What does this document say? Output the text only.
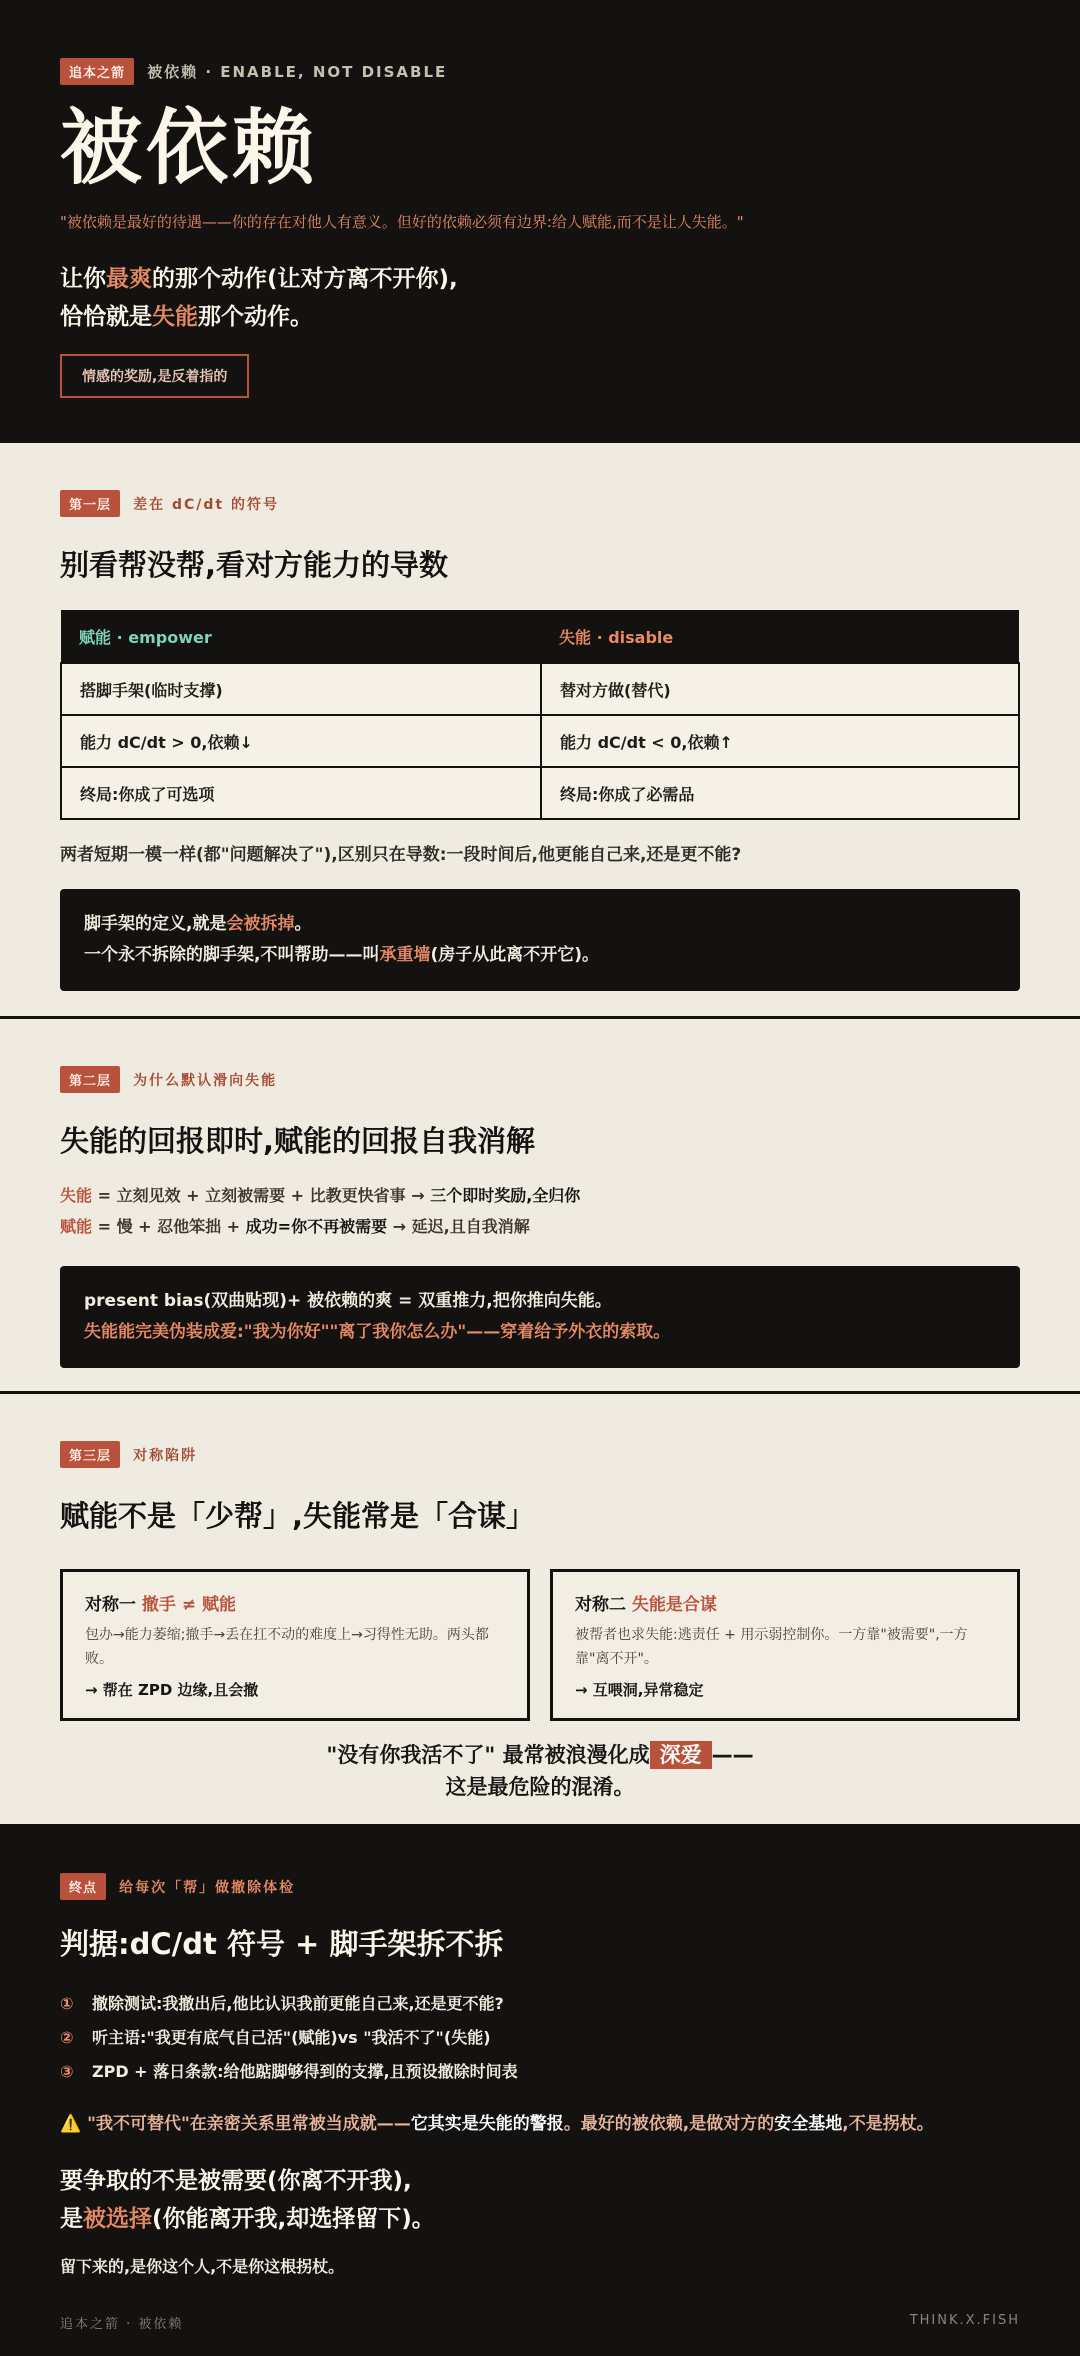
追本之箭 被依赖 · ENABLE, NOT DISABLE
被依赖
"被依赖是最好的待遇——你的存在对他人有意义。但好的依赖必须有边界:给人赋能,而不是让人失能。"
让你最爽的那个动作(让对方离不开你),
恰恰就是失能那个动作。
情感的奖励,是反着指的
第一层 差在 dC/dt 的符号
别看帮没帮,看对方能力的导数
赋能 · empower	失能 · disable
搭脚手架(临时支撑)	替对方做(替代)
能力 dC/dt > 0,依赖↓	能力 dC/dt < 0,依赖↑
终局:你成了可选项	终局:你成了必需品
两者短期一模一样(都"问题解决了"),区别只在导数:一段时间后,他更能自己来,还是更不能?
脚手架的定义,就是会被拆掉。
一个永不拆除的脚手架,不叫帮助——叫承重墙(房子从此离不开它)。
第二层 为什么默认滑向失能
失能的回报即时,赋能的回报自我消解
失能 = 立刻见效 + 立刻被需要 + 比教更快省事 → 三个即时奖励,全归你
赋能 = 慢 + 忍他笨拙 + 成功=你不再被需要 → 延迟,且自我消解
present bias(双曲贴现)+ 被依赖的爽 = 双重推力,把你推向失能。
失能能完美伪装成爱:"我为你好""离了我你怎么办"——穿着给予外衣的索取。
第三层 对称陷阱
赋能不是「少帮」,失能常是「合谋」
对称一 撤手 ≠ 赋能
包办→能力萎缩;撤手→丢在扛不动的难度上→习得性无助。两头都败。
→ 帮在 ZPD 边缘,且会撤
对称二 失能是合谋
被帮者也求失能:逃责任 + 用示弱控制你。一方靠"被需要",一方靠"离不开"。
→ 互喂洞,异常稳定
"没有你我活不了" 最常被浪漫化成 深爱 ——
这是最危险的混淆。
终点 给每次「帮」做撤除体检
判据:dC/dt 符号 + 脚手架拆不拆
① 撤除测试:我撤出后,他比认识我前更能自己来,还是更不能?
② 听主语:"我更有底气自己活"(赋能)vs "我活不了"(失能)
③ ZPD + 落日条款:给他踮脚够得到的支撑,且预设撤除时间表
⚠️ "我不可替代"在亲密关系里常被当成就——它其实是失能的警报。最好的被依赖,是做对方的安全基地,不是拐杖。
要争取的不是被需要(你离不开我),
是被选择(你能离开我,却选择留下)。
留下来的,是你这个人,不是你这根拐杖。
追本之箭 · 被依赖	THINK.X.FISH
